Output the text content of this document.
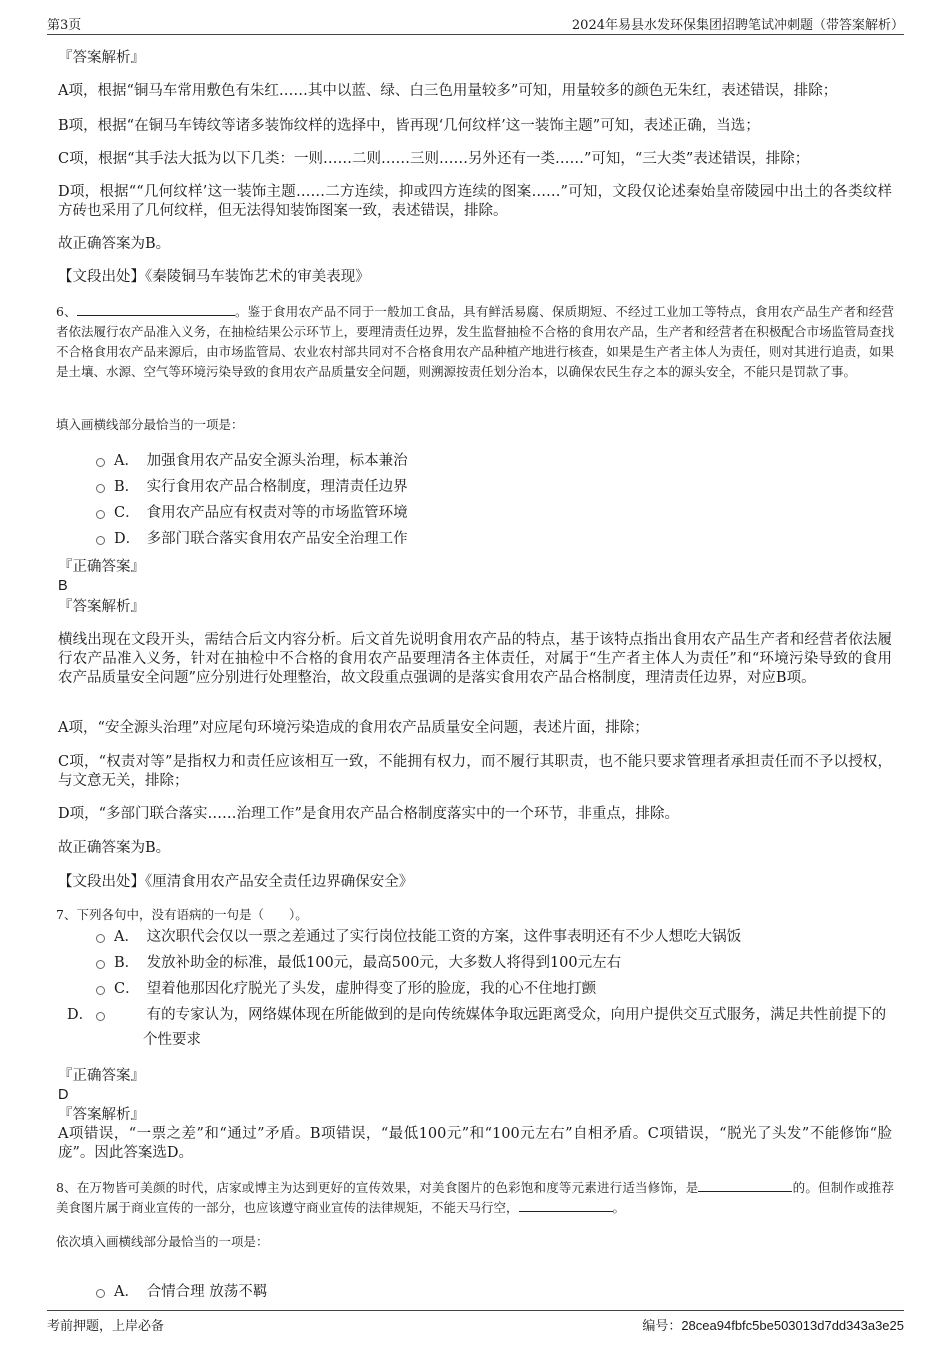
第3页	2024年易县水发环保集团招聘笔试冲刺题（带答案解析）

『答案解析』

A项，根据“铜马车常用敷色有朱红……其中以蓝、绿、白三色用量较多”可知，用量较多的颜色无朱红，表述错误，排除；

B项，根据“在铜马车铸纹等诸多装饰纹样的选择中，皆再现‘几何纹样’这一装饰主题”可知，表述正确，当选；

C项，根据“其手法大抵为以下几类：一则……二则……三则……另外还有一类……”可知，“三大类”表述错误，排除；

D项，根据““几何纹样’这一装饰主题……二方连续，抑或四方连续的图案……”可知，文段仅论述秦始皇帝陵园中出土的各类纹样方砖也采用了几何纹样，但无法得知装饰图案一致，表述错误，排除。

故正确答案为B。

【文段出处】《秦陵铜马车装饰艺术的审美表现》

6、	。鉴于食用农产品不同于一般加工食品，具有鲜活易腐、保质期短、不经过工业加工等特点，食用农产品生产者和经营者依法履行农产品准入义务，在抽检结果公示环节上，要理清责任边界，发生监督抽检不合格的食用农产品，生产者和经营者在积极配合市场监管局查找不合格食用农产品来源后，由市场监管局、农业农村部共同对不合格食用农产品种植产地进行核查，如果是生产者主体人为责任，则对其进行追责，如果是土壤、水源、空气等环境污染导致的食用农产品质量安全问题，则溯源按责任划分治本，以确保农民生存之本的源头安全，不能只是罚款了事。

填入画横线部分最恰当的一项是：

A． 加强食用农产品安全源头治理，标本兼治
B． 实行食用农产品合格制度，理清责任边界
C． 食用农产品应有权责对等的市场监管环境
D． 多部门联合落实食用农产品安全治理工作

『正确答案』

B

『答案解析』

横线出现在文段开头，需结合后文内容分析。后文首先说明食用农产品的特点，基于该特点指出食用农产品生产者和经营者依法履行农产品准入义务，针对在抽检中不合格的食用农产品要理清各主体责任，对属于“生产者主体人为责任”和“环境污染导致的食用农产品质量安全问题”应分别进行处理整治，故文段重点强调的是落实食用农产品合格制度，理清责任边界，对应B项。

A项，“安全源头治理”对应尾句环境污染造成的食用农产品质量安全问题，表述片面，排除；

C项，“权责对等”是指权力和责任应该相互一致，不能拥有权力，而不履行其职责，也不能只要求管理者承担责任而不予以授权，与文意无关，排除；

D项，“多部门联合落实……治理工作”是食用农产品合格制度落实中的一个环节，非重点，排除。

故正确答案为B。

【文段出处】《厘清食用农产品安全责任边界确保安全》

7、下列各句中，没有语病的一句是（　　）。

A． 这次职代会仅以一票之差通过了实行岗位技能工资的方案，这件事表明还有不少人想吃大锅饭
B． 发放补助金的标准，最低100元，最高500元，大多数人将得到100元左右
C． 望着他那因化疗脱光了头发，虚肿得变了形的脸庞，我的心不住地打颤
D．	有的专家认为，网络媒体现在所能做到的是向传统媒体争取远距离受众，向用户提供交互式服务，满足共性前提下的个性要求

『正确答案』

D

『答案解析』

A项错误，“一票之差”和“通过”矛盾。B项错误，“最低100元”和“100元左右”自相矛盾。C项错误，“脱光了头发”不能修饰“脸庞”。因此答案选D。

8、在万物皆可美颜的时代，店家或博主为达到更好的宣传效果，对美食图片的色彩饱和度等元素进行适当修饰，是	的。但制作或推荐美食图片属于商业宣传的一部分，也应该遵守商业宣传的法律规矩，不能天马行空，	。

依次填入画横线部分最恰当的一项是：

A． 合情合理 放荡不羁
考前押题，上岸必备	编号：28cea94fbfc5be503013d7dd343a3e25
